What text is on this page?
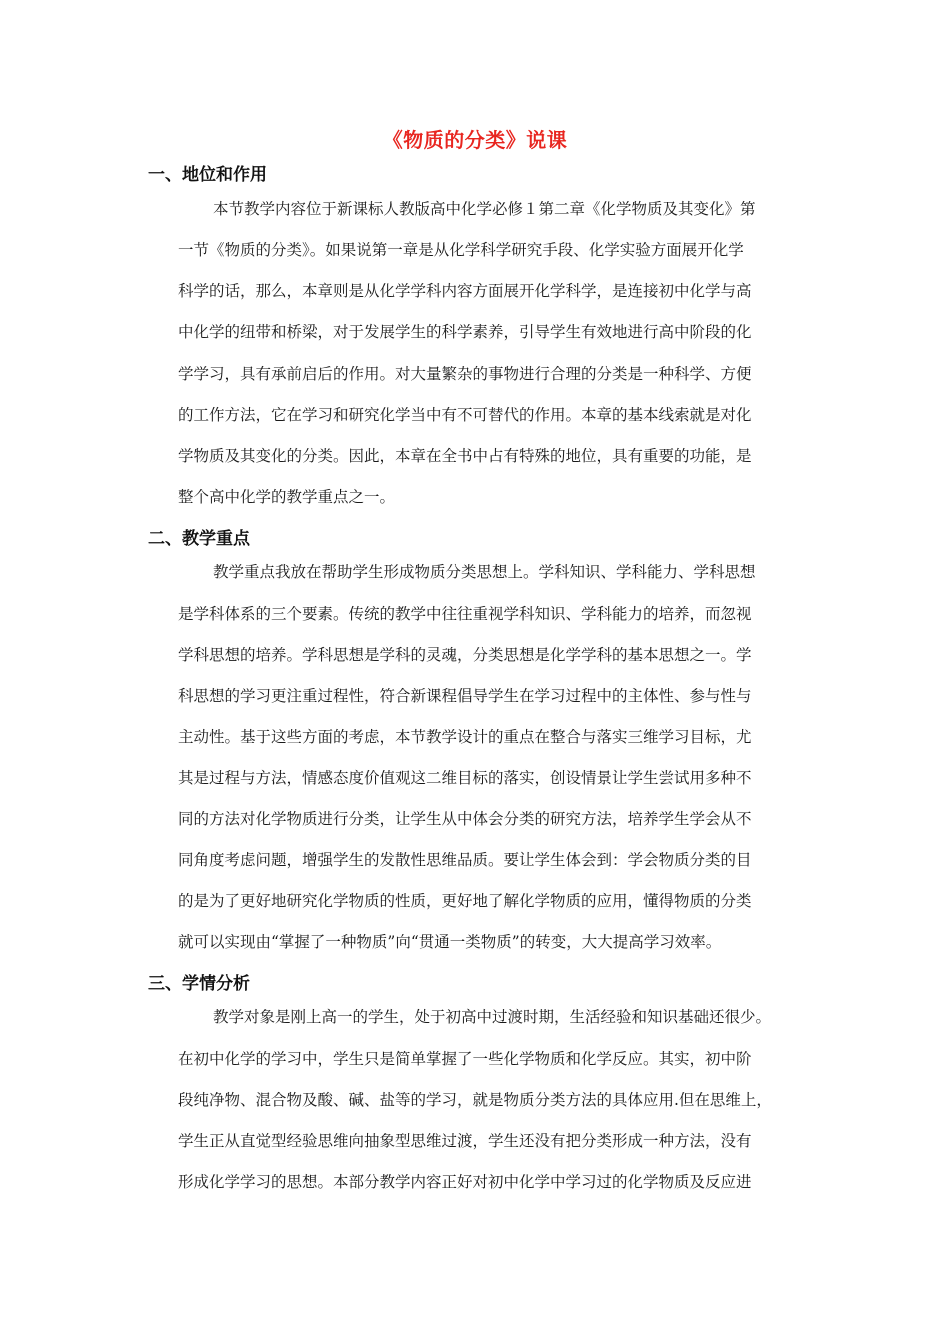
《物质的分类》说课
一、地位和作用
本节教学内容位于新课标人教版高中化学必修１第二章《化学物质及其变化》第
一节《物质的分类》。如果说第一章是从化学科学研究手段、化学实验方面展开化学
科学的话，那么，本章则是从化学学科内容方面展开化学科学，是连接初中化学与高
中化学的纽带和桥梁，对于发展学生的科学素养，引导学生有效地进行高中阶段的化
学学习，具有承前启后的作用。对大量繁杂的事物进行合理的分类是一种科学、方便
的工作方法，它在学习和研究化学当中有不可替代的作用。本章的基本线索就是对化
学物质及其变化的分类。因此，本章在全书中占有特殊的地位，具有重要的功能，是
整个高中化学的教学重点之一。
二、教学重点
教学重点我放在帮助学生形成物质分类思想上。学科知识、学科能力、学科思想
是学科体系的三个要素。传统的教学中往往重视学科知识、学科能力的培养，而忽视
学科思想的培养。学科思想是学科的灵魂，分类思想是化学学科的基本思想之一。学
科思想的学习更注重过程性，符合新课程倡导学生在学习过程中的主体性、参与性与
主动性。基于这些方面的考虑，本节教学设计的重点在整合与落实三维学习目标，尤
其是过程与方法，情感态度价值观这二维目标的落实，创设情景让学生尝试用多种不
同的方法对化学物质进行分类，让学生从中体会分类的研究方法，培养学生学会从不
同角度考虑问题，增强学生的发散性思维品质。要让学生体会到：学会物质分类的目
的是为了更好地研究化学物质的性质，更好地了解化学物质的应用，懂得物质的分类
就可以实现由“掌握了一种物质”向“贯通一类物质”的转变，大大提高学习效率。
三、学情分析
教学对象是刚上高一的学生，处于初高中过渡时期，生活经验和知识基础还很少。
在初中化学的学习中，学生只是简单掌握了一些化学物质和化学反应。其实，初中阶
段纯净物、混合物及酸、碱、盐等的学习，就是物质分类方法的具体应用.但在思维上，
学生正从直觉型经验思维向抽象型思维过渡，学生还没有把分类形成一种方法，没有
形成化学学习的思想。本部分教学内容正好对初中化学中学习过的化学物质及反应进
